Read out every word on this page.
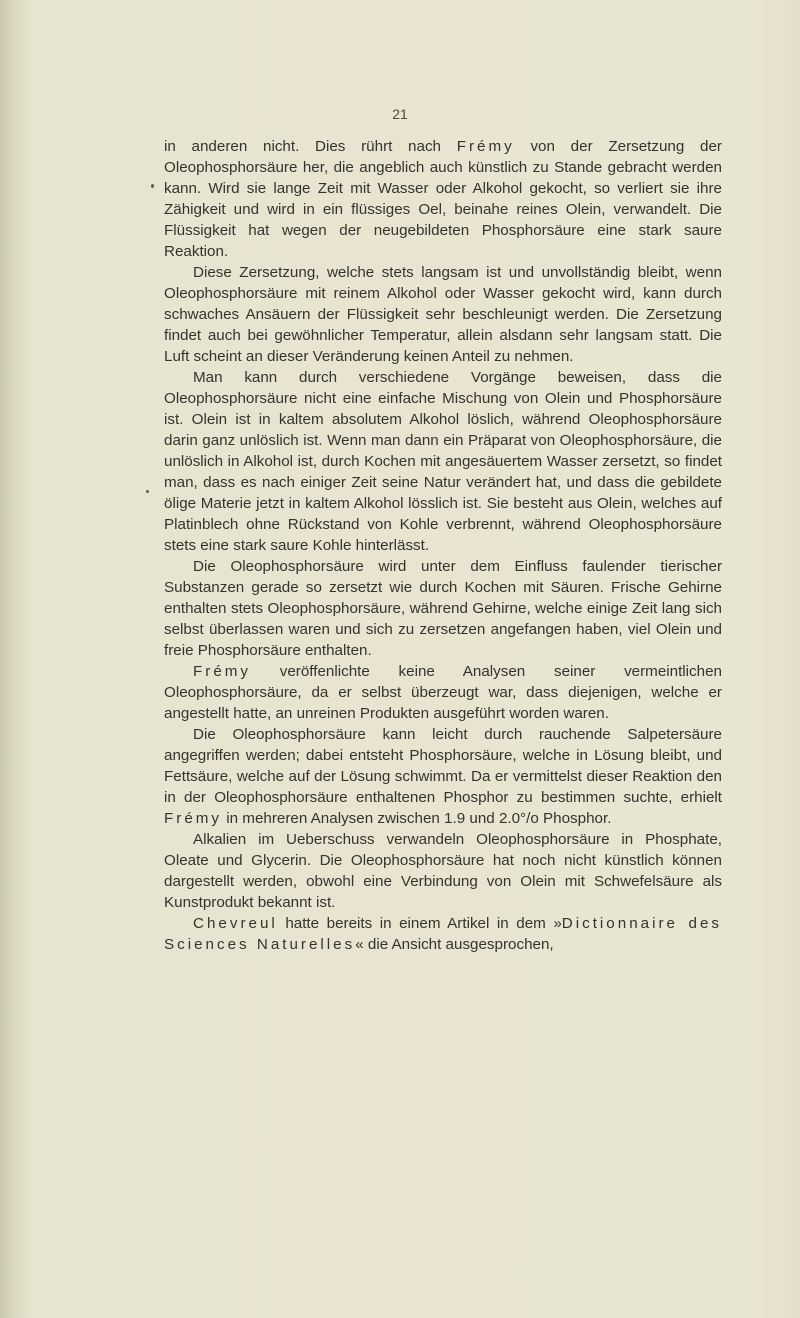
21

in anderen nicht. Dies rührt nach Frémy von der Zersetzung der Oleophosphorsäure her, die angeblich auch künstlich zu Stande gebracht werden kann. Wird sie lange Zeit mit Wasser oder Alkohol gekocht, so verliert sie ihre Zähigkeit und wird in ein flüssiges Oel, beinahe reines Olein, verwandelt. Die Flüssigkeit hat wegen der neugebildeten Phosphorsäure eine stark saure Reaktion.

Diese Zersetzung, welche stets langsam ist und unvollständig bleibt, wenn Oleophosphorsäure mit reinem Alkohol oder Wasser gekocht wird, kann durch schwaches Ansäuern der Flüssigkeit sehr beschleunigt werden. Die Zersetzung findet auch bei gewöhnlicher Temperatur, allein alsdann sehr langsam statt. Die Luft scheint an dieser Veränderung keinen Anteil zu nehmen.

Man kann durch verschiedene Vorgänge beweisen, dass die Oleophosphorsäure nicht eine einfache Mischung von Olein und Phosphorsäure ist. Olein ist in kaltem absolutem Alkohol löslich, während Oleophosphorsäure darin ganz unlöslich ist. Wenn man dann ein Präparat von Oleophosphorsäure, die unlöslich in Alkohol ist, durch Kochen mit angesäuertem Wasser zersetzt, so findet man, dass es nach einiger Zeit seine Natur verändert hat, und dass die gebildete ölige Materie jetzt in kaltem Alkohol lösslich ist. Sie besteht aus Olein, welches auf Platinblech ohne Rückstand von Kohle verbrennt, während Oleophosphorsäure stets eine stark saure Kohle hinterlässt.

Die Oleophosphorsäure wird unter dem Einfluss faulender tierischer Substanzen gerade so zersetzt wie durch Kochen mit Säuren. Frische Gehirne enthalten stets Oleophosphorsäure, während Gehirne, welche einige Zeit lang sich selbst überlassen waren und sich zu zersetzen angefangen haben, viel Olein und freie Phosphorsäure enthalten.

Frémy veröffenlichte keine Analysen seiner vermeintlichen Oleophosphorsäure, da er selbst überzeugt war, dass diejenigen, welche er angestellt hatte, an unreinen Produkten ausgeführt worden waren.

Die Oleophosphorsäure kann leicht durch rauchende Salpetersäure angegriffen werden; dabei entsteht Phosphorsäure, welche in Lösung bleibt, und Fettsäure, welche auf der Lösung schwimmt. Da er vermittelst dieser Reaktion den in der Oleophosphorsäure enthaltenen Phosphor zu bestimmen suchte, erhielt Frémy in mehreren Analysen zwischen 1.9 und 2.0°/o Phosphor.

Alkalien im Ueberschuss verwandeln Oleophosphorsäure in Phosphate, Oleate und Glycerin. Die Oleophosphorsäure hat noch nicht künstlich können dargestellt werden, obwohl eine Verbindung von Olein mit Schwefelsäure als Kunstprodukt bekannt ist.

Chevreul hatte bereits in einem Artikel in dem »Dictionnaire des Sciences Naturelles« die Ansicht ausgesprochen,
